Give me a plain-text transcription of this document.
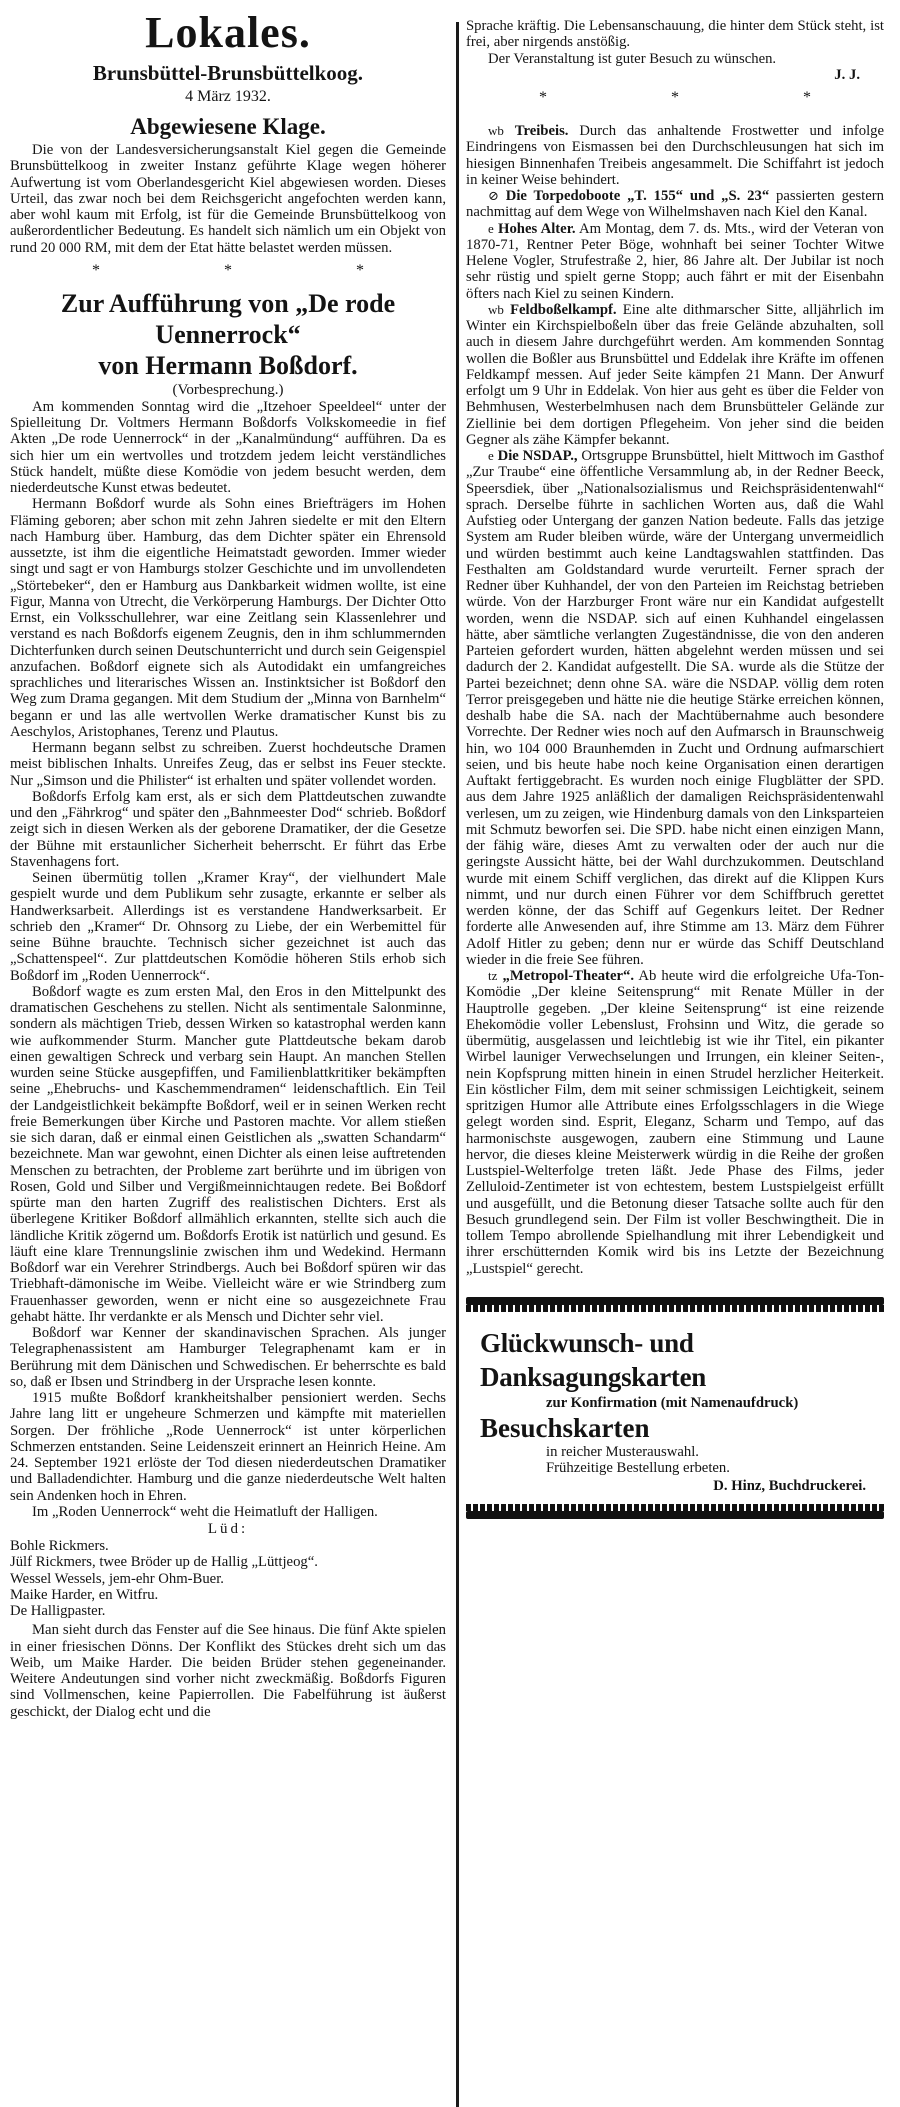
Lokales.
Brunsbüttel-Brunsbüttelkoog.
4 März 1932.
Abgewiesene Klage.

Die von der Landesversicherungsanstalt Kiel gegen die Gemeinde Brunsbüttelkoog in zweiter Instanz geführte Klage wegen höherer Aufwertung ist vom Oberlandesgericht Kiel abgewiesen worden. Dieses Urteil, das zwar noch bei dem Reichsgericht angefochten werden kann, aber wohl kaum mit Erfolg, ist für die Gemeinde Brunsbüttelkoog von außerordentlicher Bedeutung. Es handelt sich nämlich um ein Objekt von rund 20 000 RM, mit dem der Etat hätte belastet werden müssen.

* * *
Zur Aufführung von „De rode Uennerrock“
von Hermann Boßdorf.
(Vorbesprechung.)

Am kommenden Sonntag wird die „Itzehoer Speeldeel“ unter der Spielleitung Dr. Voltmers Hermann Boßdorfs Volkskomeedie in fief Akten „De rode Uennerrock“ in der „Kanalmündung“ aufführen. Da es sich hier um ein wertvolles und trotzdem jedem leicht verständliches Stück handelt, müßte diese Komödie von jedem besucht werden, dem niederdeutsche Kunst etwas bedeutet.

Hermann Boßdorf wurde als Sohn eines Briefträgers im Hohen Fläming geboren; aber schon mit zehn Jahren siedelte er mit den Eltern nach Hamburg über. Hamburg, das dem Dichter später ein Ehrensold aussetzte, ist ihm die eigentliche Heimatstadt geworden. Immer wieder singt und sagt er von Hamburgs stolzer Geschichte und im unvollendeten „Störtebeker“, den er Hamburg aus Dankbarkeit widmen wollte, ist eine Figur, Manna von Utrecht, die Verkörperung Hamburgs. Der Dichter Otto Ernst, ein Volksschullehrer, war eine Zeitlang sein Klassenlehrer und verstand es nach Boßdorfs eigenem Zeugnis, den in ihm schlummernden Dichterfunken durch seinen Deutschunterricht und durch sein Geigenspiel anzufachen. Boßdorf eignete sich als Autodidakt ein umfangreiches sprachliches und literarisches Wissen an. Instinktsicher ist Boßdorf den Weg zum Drama gegangen. Mit dem Studium der „Minna von Barnhelm“ begann er und las alle wertvollen Werke dramatischer Kunst bis zu Aeschylos, Aristophanes, Terenz und Plautus.

Hermann begann selbst zu schreiben. Zuerst hochdeutsche Dramen meist biblischen Inhalts. Unreifes Zeug, das er selbst ins Feuer steckte. Nur „Simson und die Philister“ ist erhalten und später vollendet worden.

Boßdorfs Erfolg kam erst, als er sich dem Plattdeutschen zuwandte und den „Fährkrog“ und später den „Bahnmeester Dod“ schrieb. Boßdorf zeigt sich in diesen Werken als der geborene Dramatiker, der die Gesetze der Bühne mit erstaunlicher Sicherheit beherrscht. Er führt das Erbe Stavenhagens fort.

Seinen übermütig tollen „Kramer Kray“, der vielhundert Male gespielt wurde und dem Publikum sehr zusagte, erkannte er selber als Handwerksarbeit. Allerdings ist es verstandene Handwerksarbeit. Er schrieb den „Kramer“ Dr. Ohnsorg zu Liebe, der ein Werbemittel für seine Bühne brauchte. Technisch sicher gezeichnet ist auch das „Schattenspeel“. Zur plattdeutschen Komödie höheren Stils erhob sich Boßdorf im „Roden Uennerrock“.

Boßdorf wagte es zum ersten Mal, den Eros in den Mittelpunkt des dramatischen Geschehens zu stellen. Nicht als sentimentale Salonminne, sondern als mächtigen Trieb, dessen Wirken so katastrophal werden kann wie aufkommender Sturm. Mancher gute Plattdeutsche bekam darob einen gewaltigen Schreck und verbarg sein Haupt. An manchen Stellen wurden seine Stücke ausgepfiffen, und Familienblattkritiker bekämpften seine „Ehebruchs- und Kaschemmendramen“ leidenschaftlich. Ein Teil der Landgeistlichkeit bekämpfte Boßdorf, weil er in seinen Werken recht freie Bemerkungen über Kirche und Pastoren machte. Vor allem stießen sie sich daran, daß er einmal einen Geistlichen als „swatten Schandarm“ bezeichnete. Man war gewohnt, einen Dichter als einen leise auftretenden Menschen zu betrachten, der Probleme zart berührte und im übrigen von Rosen, Gold und Silber und Vergißmeinnichtaugen redete. Bei Boßdorf spürte man den harten Zugriff des realistischen Dichters. Erst als überlegene Kritiker Boßdorf allmählich erkannten, stellte sich auch die ländliche Kritik zögernd um. Boßdorfs Erotik ist natürlich und gesund. Es läuft eine klare Trennungslinie zwischen ihm und Wedekind. Hermann Boßdorf war ein Verehrer Strindbergs. Auch bei Boßdorf spüren wir das Triebhaft-dämonische im Weibe. Vielleicht wäre er wie Strindberg zum Frauenhasser geworden, wenn er nicht eine so ausgezeichnete Frau gehabt hätte. Ihr verdankte er als Mensch und Dichter sehr viel.

Boßdorf war Kenner der skandinavischen Sprachen. Als junger Telegraphenassistent am Hamburger Telegraphenamt kam er in Berührung mit dem Dänischen und Schwedischen. Er beherrschte es bald so, daß er Ibsen und Strindberg in der Ursprache lesen konnte.

1915 mußte Boßdorf krankheitshalber pensioniert werden. Sechs Jahre lang litt er ungeheure Schmerzen und kämpfte mit materiellen Sorgen. Der fröhliche „Rode Uennerrock“ ist unter körperlichen Schmerzen entstanden. Seine Leidenszeit erinnert an Heinrich Heine. Am 24. September 1921 erlöste der Tod diesen niederdeutschen Dramatiker und Balladendichter. Hamburg und die ganze niederdeutsche Welt halten sein Andenken hoch in Ehren.

Im „Roden Uennerrock“ weht die Heimatluft der Halligen.

Lüd:
Bohle Rickmers.
Jülf Rickmers, twee Bröder up de Hallig „Lüttjeog“.
Wessel Wessels, jem-ehr Ohm-Buer.
Maike Harder, en Witfru.
De Halligpaster.

Man sieht durch das Fenster auf die See hinaus. Die fünf Akte spielen in einer friesischen Dönns. Der Konflikt des Stückes dreht sich um das Weib, um Maike Harder. Die beiden Brüder stehen gegeneinander. Weitere Andeutungen sind vorher nicht zweckmäßig. Boßdorfs Figuren sind Vollmenschen, keine Papierrollen. Die Fabelführung ist äußerst geschickt, der Dialog echt und die

Sprache kräftig. Die Lebensanschauung, die hinter dem Stück steht, ist frei, aber nirgends anstößig.

Der Veranstaltung ist guter Besuch zu wünschen.

J. J.
* * *

wb Treibeis. Durch das anhaltende Frostwetter und infolge Eindringens von Eismassen bei den Durchschleusungen hat sich im hiesigen Binnenhafen Treibeis angesammelt. Die Schiffahrt ist jedoch in keiner Weise behindert.

⊘ Die Torpedoboote „T. 155“ und „S. 23“ passierten gestern nachmittag auf dem Wege von Wilhelmshaven nach Kiel den Kanal.

e Hohes Alter. Am Montag, dem 7. ds. Mts., wird der Veteran von 1870-71, Rentner Peter Böge, wohnhaft bei seiner Tochter Witwe Helene Vogler, Strufestraße 2, hier, 86 Jahre alt. Der Jubilar ist noch sehr rüstig und spielt gerne Stopp; auch fährt er mit der Eisenbahn öfters nach Kiel zu seinen Kindern.

wb Feldboßelkampf. Eine alte dithmarscher Sitte, alljährlich im Winter ein Kirchspielboßeln über das freie Gelände abzuhalten, soll auch in diesem Jahre durchgeführt werden. Am kommenden Sonntag wollen die Boßler aus Brunsbüttel und Eddelak ihre Kräfte im offenen Feldkampf messen. Auf jeder Seite kämpfen 21 Mann. Der Anwurf erfolgt um 9 Uhr in Eddelak. Von hier aus geht es über die Felder von Behmhusen, Westerbelmhusen nach dem Brunsbütteler Gelände zur Ziellinie bei dem dortigen Pflegeheim. Von jeher sind die beiden Gegner als zähe Kämpfer bekannt.

e Die NSDAP., Ortsgruppe Brunsbüttel, hielt Mittwoch im Gasthof „Zur Traube“ eine öffentliche Versammlung ab, in der Redner Beeck, Speersdiek, über „Nationalsozialismus und Reichspräsidentenwahl“ sprach. Derselbe führte in sachlichen Worten aus, daß die Wahl Aufstieg oder Untergang der ganzen Nation bedeute. Falls das jetzige System am Ruder bleiben würde, wäre der Untergang unvermeidlich und würden bestimmt auch keine Landtagswahlen stattfinden. Das Festhalten am Goldstandard wurde verurteilt. Ferner sprach der Redner über Kuhhandel, der von den Parteien im Reichstag betrieben würde. Von der Harzburger Front wäre nur ein Kandidat aufgestellt worden, wenn die NSDAP. sich auf einen Kuhhandel eingelassen hätte, aber sämtliche verlangten Zugeständnisse, die von den anderen Parteien gefordert wurden, hätten abgelehnt werden müssen und sei dadurch der 2. Kandidat aufgestellt. Die SA. wurde als die Stütze der Partei bezeichnet; denn ohne SA. wäre die NSDAP. völlig dem roten Terror preisgegeben und hätte nie die heutige Stärke erreichen können, deshalb habe die SA. nach der Machtübernahme auch besondere Vorrechte. Der Redner wies noch auf den Aufmarsch in Braunschweig hin, wo 104 000 Braunhemden in Zucht und Ordnung aufmarschiert seien, und bis heute habe noch keine Organisation einen derartigen Auftakt fertiggebracht. Es wurden noch einige Flugblätter der SPD. aus dem Jahre 1925 anläßlich der damaligen Reichspräsidentenwahl verlesen, um zu zeigen, wie Hindenburg damals von den Linksparteien mit Schmutz beworfen sei. Die SPD. habe nicht einen einzigen Mann, der fähig wäre, dieses Amt zu verwalten oder der auch nur die geringste Aussicht hätte, bei der Wahl durchzukommen. Deutschland wurde mit einem Schiff verglichen, das direkt auf die Klippen Kurs nimmt, und nur durch einen Führer vor dem Schiffbruch gerettet werden könne, der das Schiff auf Gegenkurs leitet. Der Redner forderte alle Anwesenden auf, ihre Stimme am 13. März dem Führer Adolf Hitler zu geben; denn nur er würde das Schiff Deutschland wieder in die freie See führen.

tz „Metropol-Theater“. Ab heute wird die erfolgreiche Ufa-Ton-Komödie „Der kleine Seitensprung“ mit Renate Müller in der Hauptrolle gegeben. „Der kleine Seitensprung“ ist eine reizende Ehekomödie voller Lebenslust, Frohsinn und Witz, die gerade so übermütig, ausgelassen und leichtlebig ist wie ihr Titel, ein pikanter Wirbel launiger Verwechselungen und Irrungen, ein kleiner Seiten-, nein Kopfsprung mitten hinein in einen Strudel herzlicher Heiterkeit. Ein köstlicher Film, dem mit seiner schmissigen Leichtigkeit, seinem spritzigen Humor alle Attribute eines Erfolgsschlagers in die Wiege gelegt worden sind. Esprit, Eleganz, Scharm und Tempo, auf das harmonischste ausgewogen, zaubern eine Stimmung und Laune hervor, die dieses kleine Meisterwerk würdig in die Reihe der großen Lustspiel-Welterfolge treten läßt. Jede Phase des Films, jeder Zelluloid-Zentimeter ist von echtestem, bestem Lustspielgeist erfüllt und ausgefüllt, und die Betonung dieser Tatsache sollte auch für den Besuch grundlegend sein. Der Film ist voller Beschwingtheit. Die in tollem Tempo abrollende Spielhandlung mit ihrer Lebendigkeit und ihrer erschütternden Komik wird bis ins Letzte der Bezeichnung „Lustspiel“ gerecht.

Glückwunsch- und Danksagungskarten
zur Konfirmation (mit Namenaufdruck)
Besuchskarten
in reicher Musterauswahl.
Frühzeitige Bestellung erbeten.
D. Hinz, Buchdruckerei.
